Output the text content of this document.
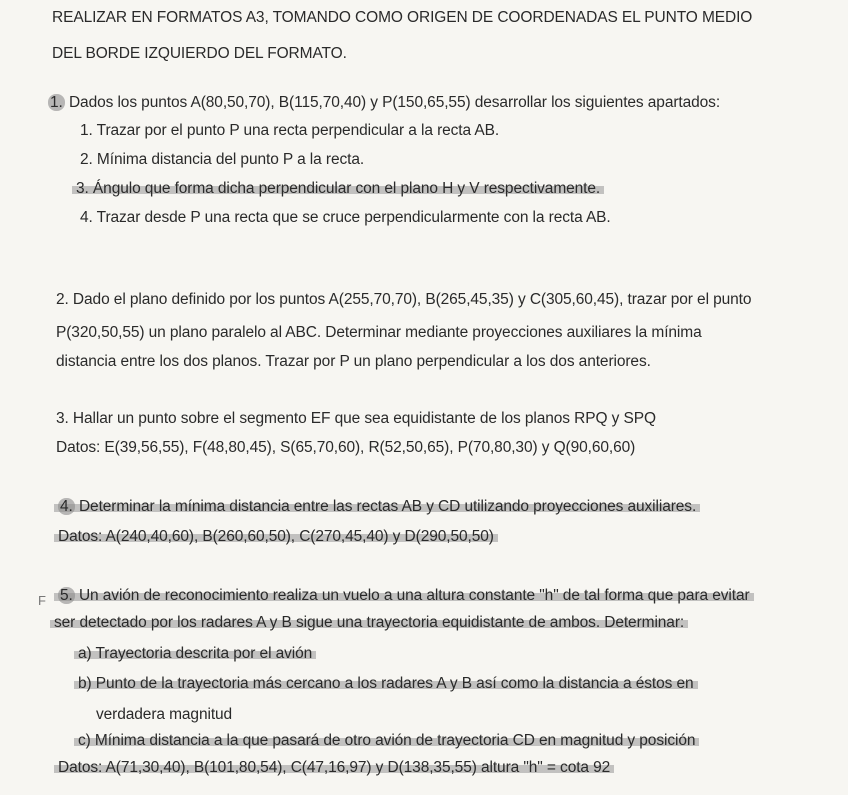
REALIZAR EN FORMATOS A3, TOMANDO COMO ORIGEN DE COORDENADAS EL PUNTO MEDIO
DEL BORDE IZQUIERDO DEL FORMATO.
1. Dados los puntos A(80,50,70), B(115,70,40) y P(150,65,55) desarrollar los siguientes apartados:
1. Trazar por el punto P una recta perpendicular a la recta AB.
2. Mínima distancia del punto P a la recta.
3. Ángulo que forma dicha perpendicular con el plano H y V respectivamente.
4. Trazar desde P una recta que se cruce perpendicularmente con la recta AB.
2. Dado el plano definido por los puntos A(255,70,70), B(265,45,35) y C(305,60,45), trazar por el punto
P(320,50,55) un plano paralelo al ABC. Determinar mediante proyecciones auxiliares la mínima
distancia entre los dos planos. Trazar por P un plano perpendicular a los dos anteriores.
3. Hallar un punto sobre el segmento EF que sea equidistante de los planos RPQ y SPQ
Datos: E(39,56,55), F(48,80,45), S(65,70,60), R(52,50,65), P(70,80,30) y Q(90,60,60)
4. Determinar la mínima distancia entre las rectas AB y CD utilizando proyecciones auxiliares.
Datos: A(240,40,60), B(260,60,50), C(270,45,40) y D(290,50,50)
F 5. Un avión de reconocimiento realiza un vuelo a una altura constante "h" de tal forma que para evitar
ser detectado por los radares A y B sigue una trayectoria equidistante de ambos. Determinar:
a) Trayectoria descrita por el avión
b) Punto de la trayectoria más cercano a los radares A y B así como la distancia a éstos en
verdadera magnitud
c) Mínima distancia a la que pasará de otro avión de trayectoria CD en magnitud y posición
Datos: A(71,30,40), B(101,80,54), C(47,16,97) y D(138,35,55) altura "h" = cota 92
